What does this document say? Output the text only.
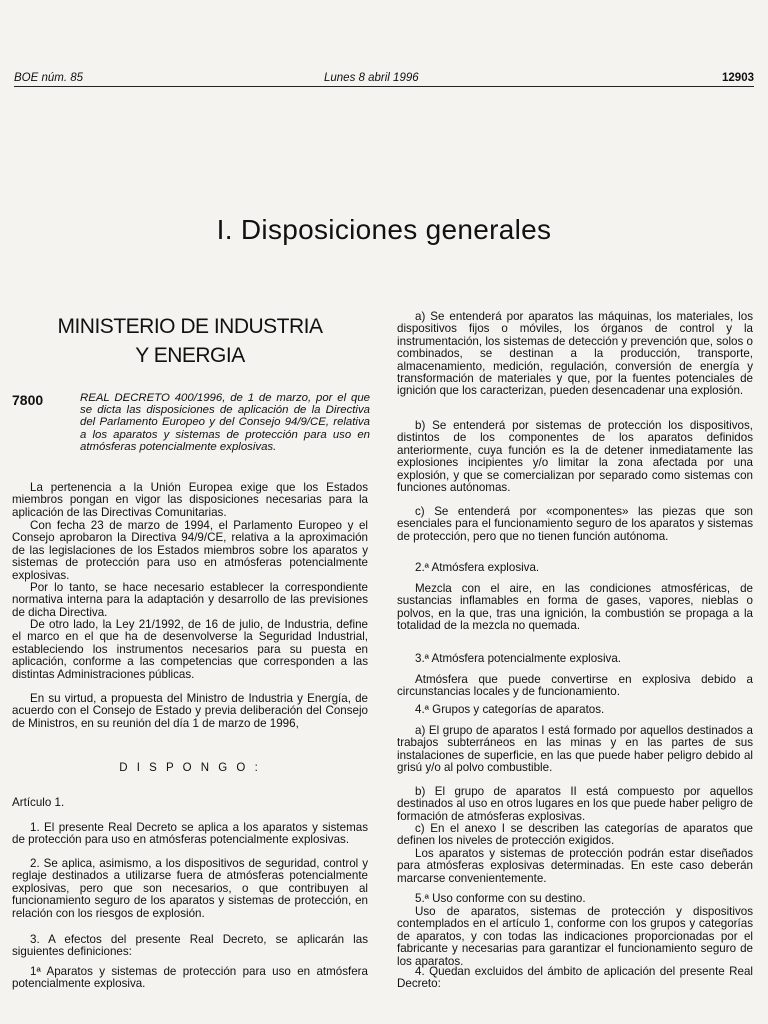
BOE núm. 85	Lunes 8 abril 1996	12903
I. Disposiciones generales
MINISTERIO DE INDUSTRIA
Y ENERGIA
7800	REAL DECRETO 400/1996, de 1 de marzo, por el que se dicta las disposiciones de aplicación de la Directiva del Parlamento Europeo y del Consejo 94/9/CE, relativa a los aparatos y sistemas de protección para uso en atmósferas potencialmente explosivas.

La pertenencia a la Unión Europea exige que los Estados miembros pongan en vigor las disposiciones necesarias para la aplicación de las Directivas Comunitarias.

Con fecha 23 de marzo de 1994, el Parlamento Europeo y el Consejo aprobaron la Directiva 94/9/CE, relativa a la aproximación de las legislaciones de los Estados miembros sobre los aparatos y sistemas de protección para uso en atmósferas potencialmente explosivas.

Por lo tanto, se hace necesario establecer la correspondiente normativa interna para la adaptación y desarrollo de las previsiones de dicha Directiva.

De otro lado, la Ley 21/1992, de 16 de julio, de Industria, define el marco en el que ha de desenvolverse la Seguridad Industrial, estableciendo los instrumentos necesarios para su puesta en aplicación, conforme a las competencias que corresponden a las distintas Administraciones públicas.

En su virtud, a propuesta del Ministro de Industria y Energía, de acuerdo con el Consejo de Estado y previa deliberación del Consejo de Ministros, en su reunión del día 1 de marzo de 1996,

D I S P O N G O :
Artículo 1.

1. El presente Real Decreto se aplica a los aparatos y sistemas de protección para uso en atmósferas potencialmente explosivas.

2. Se aplica, asimismo, a los dispositivos de seguridad, control y reglaje destinados a utilizarse fuera de atmósferas potencialmente explosivas, pero que son necesarios, o que contribuyen al funcionamiento seguro de los aparatos y sistemas de protección, en relación con los riesgos de explosión.

3. A efectos del presente Real Decreto, se aplicarán las siguientes definiciones:

1ª Aparatos y sistemas de protección para uso en atmósfera potencialmente explosiva.

a) Se entenderá por aparatos las máquinas, los materiales, los dispositivos fijos o móviles, los órganos de control y la instrumentación, los sistemas de detección y prevención que, solos o combinados, se destinan a la producción, transporte, almacenamiento, medición, regulación, conversión de energía y transformación de materiales y que, por la fuentes potenciales de ignición que los caracterizan, pueden desencadenar una explosión.

b) Se entenderá por sistemas de protección los dispositivos, distintos de los componentes de los aparatos definidos anteriormente, cuya función es la de detener inmediatamente las explosiones incipientes y/o limitar la zona afectada por una explosión, y que se comercializan por separado como sistemas con funciones autónomas.

c) Se entenderá por «componentes» las piezas que son esenciales para el funcionamiento seguro de los aparatos y sistemas de protección, pero que no tienen función autónoma.

2.ª Atmósfera explosiva.

Mezcla con el aire, en las condiciones atmosféricas, de sustancias inflamables en forma de gases, vapores, nieblas o polvos, en la que, tras una ignición, la combustión se propaga a la totalidad de la mezcla no quemada.

3.ª Atmósfera potencialmente explosiva.

Atmósfera que puede convertirse en explosiva debido a circunstancias locales y de funcionamiento.

4.ª Grupos y categorías de aparatos.

a) El grupo de aparatos I está formado por aquellos destinados a trabajos subterráneos en las minas y en las partes de sus instalaciones de superficie, en las que puede haber peligro debido al grisú y/o al polvo combustible.

b) El grupo de aparatos II está compuesto por aquellos destinados al uso en otros lugares en los que puede haber peligro de formación de atmósferas explosivas.

c) En el anexo I se describen las categorías de aparatos que definen los niveles de protección exigidos.

Los aparatos y sistemas de protección podrán estar diseñados para atmósferas explosivas determinadas. En este caso deberán marcarse convenientemente.

5.ª Uso conforme con su destino.

Uso de aparatos, sistemas de protección y dispositivos contemplados en el artículo 1, conforme con los grupos y categorías de aparatos, y con todas las indicaciones proporcionadas por el fabricante y necesarias para garantizar el funcionamiento seguro de los aparatos.

4. Quedan excluidos del ámbito de aplicación del presente Real Decreto:
